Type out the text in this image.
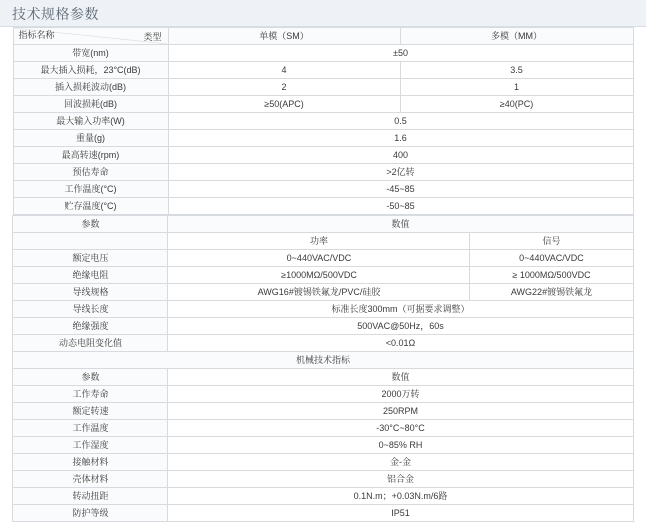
技术规格参数
指标名称 类型	单模（SM）	多模（MM）
带宽(nm)	±50	
最大插入损耗，23°C(dB)	4	3.5
插入损耗波动(dB)	2	1
回波损耗(dB)	≥50(APC)	≥40(PC)
最大输入功率(W)	0.5	
重量(g)	1.6	
最高转速(rpm)	400	
预估寿命	>2亿转	
工作温度(°C)	-45~85	
贮存温度(°C)	-50~85	
参数	数值	
	功率	信号
额定电压	0~440VAC/VDC	0~440VAC/VDC
绝缘电阻	≥1000MΩ/500VDC	≥ 1000MΩ/500VDC
导线规格	AWG16#镀锡铁氟龙/PVC/硅胶	AWG22#镀锡铁氟龙
导线长度	标准长度300mm（可据要求调整）	
绝缘强度	500VAC@50Hz，60s	
动态电阻变化值	<0.01Ω	
机械技术指标		
参数	数值	
工作寿命	2000万转	
额定转速	250RPM	
工作温度	-30°C~80°C	
工作湿度	0~85% RH	
接触材料	金-金	
壳体材料	铝合金	
转动扭距	0.1N.m；+0.03N.m/6路	
防护等级	IP51	
